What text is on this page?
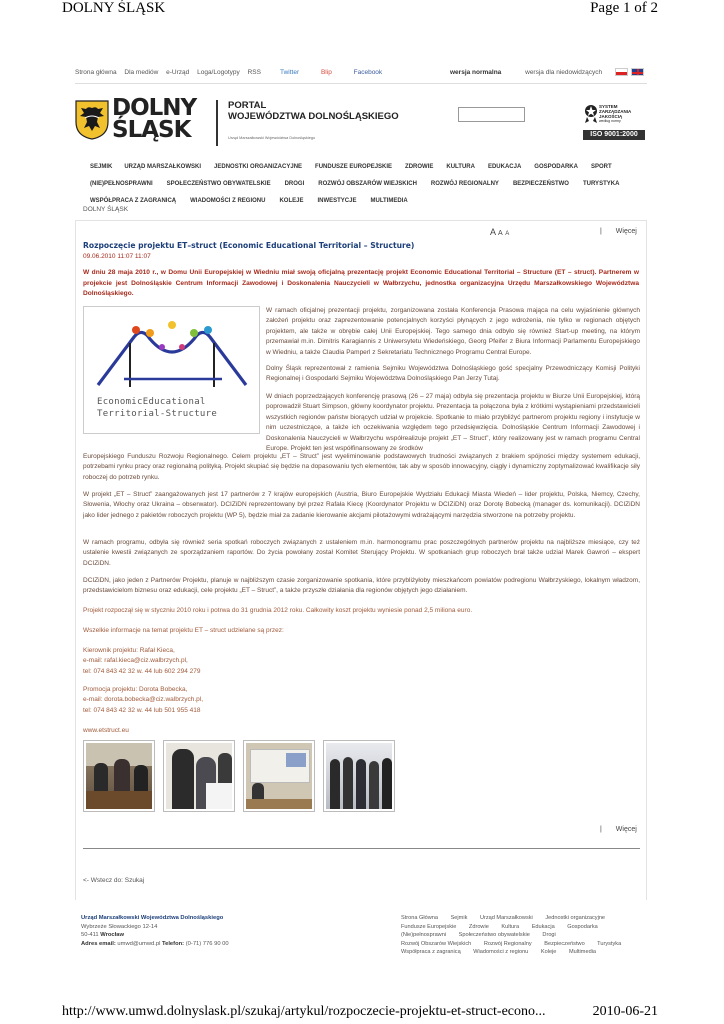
DOLNY ŚLĄSK	Page 1 of 2
Strona główna Dla mediów e-Urząd Loga/Logotypy RSS	Twitter	Blip	Facebook	wersja normalna	wersja dla niedowidzących
DOLNY
ŚLĄSK
PORTAL
WOJEWÓDZTWA DOLNOŚLĄSKIEGO
Urząd Marszałkowski Województwa Dolnośląskiego
SYSTEM
ZARZĄDZANIA
JAKOŚCIĄ
według normy
ISO 9001:2000
SEJMIK URZĄD MARSZAŁKOWSKI JEDNOSTKI ORGANIZACYJNE FUNDUSZE EUROPEJSKIE ZDROWIE KULTURA EDUKACJA GOSPODARKA SPORT
(NIE)PEŁNOSPRAWNI SPOŁECZEŃSTWO OBYWATELSKIE DROGI ROZWÓJ OBSZARÓW WIEJSKICH ROZWÓJ REGIONALNY BEZPIECZEŃSTWO TURYSTYKA
WSPÓŁPRACA Z ZAGRANICĄ WIADOMOŚCI Z REGIONU KOLEJE INWESTYCJE MULTIMEDIA
DOLNY ŚLĄSK
A A A	| Więcej
Rozpoczęcie projektu ET–struct (Economic Educational Territorial – Structure)
09.06.2010 11:07 11:07
W dniu 28 maja 2010 r., w Domu Unii Europejskiej w Wiedniu miał swoją oficjalną prezentację projekt Economic Educational Territorial – Structure (ET – struct). Partnerem w projekcie jest Dolnośląskie Centrum Informacji Zawodowej i Doskonalenia Nauczycieli w Wałbrzychu, jednostka organizacyjna Urzędu Marszałkowskiego Województwa Dolnośląskiego.
EconomicEducational
Territorial-Structure
W ramach oficjalnej prezentacji projektu, zorganizowana została Konferencja Prasowa mająca na celu wyjaśnienie głównych założeń projektu oraz zaprezentowanie potencjalnych korzyści płynących z jego wdrożenia, nie tylko w regionach objętych projektem, ale także w obrębie całej Unii Europejskiej. Tego samego dnia odbyło się również Start-up meeting, na którym przemawiał m.in. Dimitris Karagiannis z Uniwersytetu Wiedeńskiego, Georg Pfeifer z Biura Informacji Parlamentu Europejskiego w Wiedniu, a także Claudia Pamperl z Sekretariatu Technicznego Programu Central Europe.
Dolny Śląsk reprezentował z ramienia Sejmiku Województwa Dolnośląskiego gość specjalny Przewodniczący Komisji Polityki Regionalnej i Gospodarki Sejmiku Województwa Dolnośląskiego Pan Jerzy Tutaj.
W dniach poprzedzających konferencję prasową (26 – 27 maja) odbyła się prezentacja projektu w Biurze Unii Europejskiej, którą poprowadził Stuart Simpson, główny koordynator projektu. Prezentacja ta połączona była z krótkimi wystąpieniami przedstawicieli wszystkich regionów państw biorących udział w projekcie. Spotkanie to miało przybliżyć partnerom projektu regiony i instytucje w nim uczestniczące, a także ich oczekiwania względem tego przedsięwzięcia. Dolnośląskie Centrum Informacji Zawodowej i Doskonalenia Nauczycieli w Wałbrzychu współrealizuje projekt „ET – Struct”, który realizowany jest w ramach programu Central Europe. Projekt ten jest współfinansowany ze środków
Europejskiego Funduszu Rozwoju Regionalnego. Celem projektu „ET – Struct” jest wyeliminowanie podstawowych trudności związanych z brakiem spójności między systemem edukacji, potrzebami rynku pracy oraz regionalną polityką. Projekt skupiać się będzie na dopasowaniu tych elementów, tak aby w sposób innowacyjny, ciągły i dynamiczny zoptymalizować kwalifikacje siły roboczej do potrzeb rynku.
W projekt „ET – Struct” zaangażowanych jest 17 partnerów z 7 krajów europejskich (Austria, Biuro Europejskie Wydziału Edukacji Miasta Wiedeń – lider projektu, Polska, Niemcy, Czechy, Słowenia, Włochy oraz Ukraina – obserwator). DCIZiDN reprezentowany był przez Rafała Kiecę (Koordynator Projektu w DCIZiDN) oraz Dorotę Bobecką (manager ds. komunikacji). DCIZiDN jako lider jednego z pakietów roboczych projektu (WP 5), będzie miał za zadanie kierowanie akcjami pilotażowymi wdrażającymi narzędzia stworzone na potrzeby projektu.
W ramach programu, odbyła się również seria spotkań roboczych związanych z ustaleniem m.in. harmonogramu prac poszczególnych partnerów projektu na najbliższe miesiące, czy też ustalenie kwestii związanych ze sporządzaniem raportów. Do życia powołany został Komitet Sterujący Projektu. W spotkaniach grup roboczych brał także udział Marek Gawroń – ekspert DCIZiDN.
DCIZiDN, jako jeden z Partnerów Projektu, planuje w najbliższym czasie zorganizowanie spotkania, które przybliżyłoby mieszkańcom powiatów podregionu Wałbrzyskiego, lokalnym władzom, przedstawicielom biznesu oraz edukacji, cele projektu „ET – Struct”, a także przyszłe działania dla regionów objętych jego działaniem.
Projekt rozpoczął się w styczniu 2010 roku i potrwa do 31 grudnia 2012 roku. Całkowity koszt projektu wyniesie ponad 2,5 miliona euro.
Wszelkie informacje na temat projektu ET – struct udzielane są przez:
Kierownik projektu: Rafał Kieca,
e-mail: rafal.kieca@ciz.walbrzych.pl,
tel: 074 843 42 32 w. 44 lub 602 294 279
Promocja projektu: Dorota Bobecka,
e-mail: dorota.bobecka@ciz.walbrzych.pl,
tel: 074 843 42 32 w. 44 lub 501 955 418
www.etstruct.eu
| Więcej
<- Wstecz do: Szukaj
Urząd Marszałkowski Województwa Dolnośląskiego
Wybrzeże Słowackiego 12-14
50-411 Wrocław
Adres email: umwd@umwd.pl Telefon: (0-71) 776 90 00
Strona Główna Sejmik Urząd Marszałkowski Jednostki organizacyjne
Fundusze Europejskie Zdrowie Kultura Edukacja Gospodarka
(Nie)pełnosprawni Społeczeństwo obywatelskie Drogi
Rozwój Obszarów Wiejskich Rozwój Regionalny Bezpieczeństwo Turystyka
Współpraca z zagranicą Wiadomości z regionu Koleje Multimedia
http://www.umwd.dolnyslask.pl/szukaj/artykul/rozpoczecie-projektu-et-struct-econo...	2010-06-21
